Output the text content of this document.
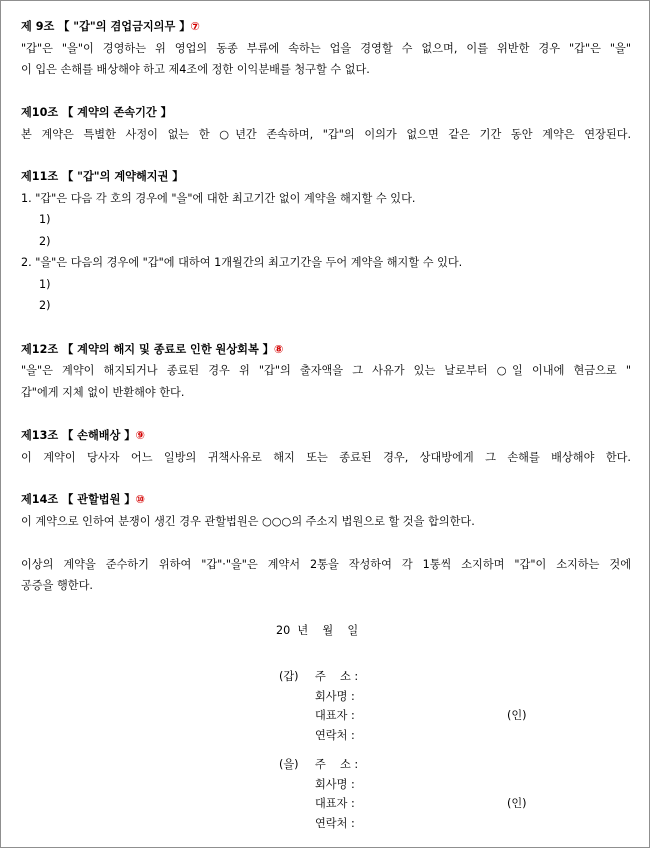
제 9조 【 "갑"의 겸업금지의무 】⑦
"갑"은 "을"이 경영하는 위 영업의 동종 부류에 속하는 업을 경영할 수 없으며, 이를 위반한 경우 "갑"은 "을"
이 입은 손해를 배상해야 하고 제4조에 정한 이익분배를 청구할 수 없다.
제10조 【 계약의 존속기간 】
본 계약은 특별한 사정이 없는 한 ○년간 존속하며, "갑"의 이의가 없으면 같은 기간 동안 계약은 연장된다.
제11조 【 "갑"의 계약해지권 】
1. "갑"은 다음 각 호의 경우에 "을"에 대한 최고기간 없이 계약을 해지할 수 있다.
1)
2)
2. "을"은 다음의 경우에 "갑"에 대하여 1개월간의 최고기간을 두어 계약을 해지할 수 있다.
1)
2)
제12조 【 계약의 해지 및 종료로 인한 원상회복 】⑧
"을"은 계약이 해지되거나 종료된 경우 위 "갑"의 출자액을 그 사유가 있는 날로부터 ○일 이내에 현금으로 "
갑"에게 지체 없이 반환해야 한다.
제13조 【 손해배상 】⑨
이 계약이 당사자 어느 일방의 귀책사유로 해지 또는 종료된 경우, 상대방에게 그 손해를 배상해야 한다.
제14조 【 관할법원 】⑩
이 계약으로 인하여 분쟁이 생긴 경우 관할법원은 ○○○의 주소지 법원으로 할 것을 합의한다.
이상의 계약을 준수하기 위하여 "갑"·"을"은 계약서 2통을 작성하여 각 1통씩 소지하며 "갑"이 소지하는 것에
공증을 행한다.
20  년    월    일
(갑) 주    소 :
회사명 :
대표자 :	(인)
연락처 :
(을) 주    소 :
회사명 :
대표자 :	(인)
연락처 :
